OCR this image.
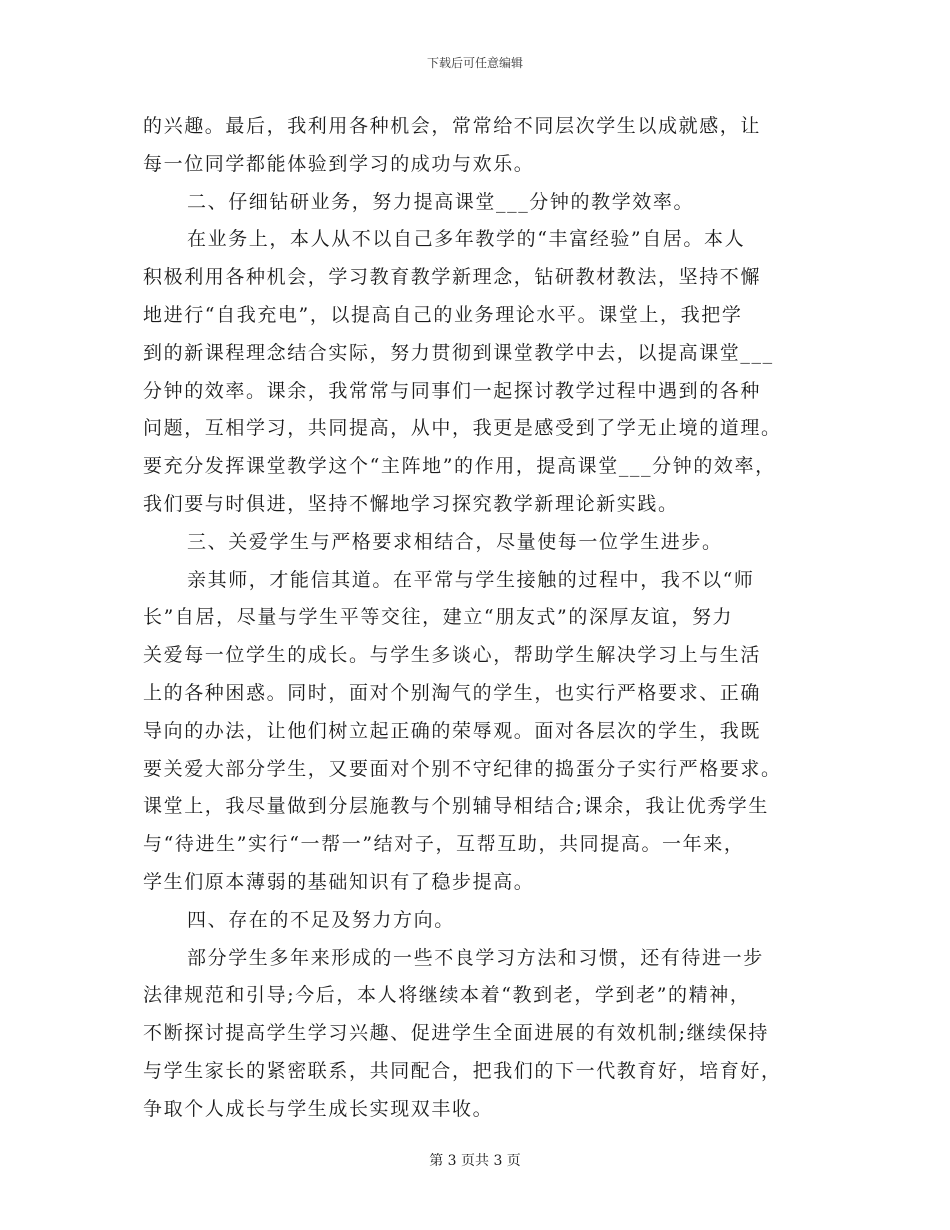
下载后可任意编辑
的兴趣。最后，我利用各种机会，常常给不同层次学生以成就感，让
每一位同学都能体验到学习的成功与欢乐。
二、仔细钻研业务，努力提高课堂___分钟的教学效率。
在业务上，本人从不以自己多年教学的“丰富经验”自居。本人
积极利用各种机会，学习教育教学新理念，钻研教材教法，坚持不懈
地进行“自我充电”，以提高自己的业务理论水平。课堂上，我把学
到的新课程理念结合实际，努力贯彻到课堂教学中去，以提高课堂___
分钟的效率。课余，我常常与同事们一起探讨教学过程中遇到的各种
问题，互相学习，共同提高，从中，我更是感受到了学无止境的道理。
要充分发挥课堂教学这个“主阵地”的作用，提高课堂___分钟的效率，
我们要与时俱进，坚持不懈地学习探究教学新理论新实践。
三、关爱学生与严格要求相结合，尽量使每一位学生进步。
亲其师，才能信其道。在平常与学生接触的过程中，我不以“师
长”自居，尽量与学生平等交往，建立“朋友式”的深厚友谊，努力
关爱每一位学生的成长。与学生多谈心，帮助学生解决学习上与生活
上的各种困惑。同时，面对个别淘气的学生，也实行严格要求、正确
导向的办法，让他们树立起正确的荣辱观。面对各层次的学生，我既
要关爱大部分学生，又要面对个别不守纪律的捣蛋分子实行严格要求。
课堂上，我尽量做到分层施教与个别辅导相结合;课余，我让优秀学生
与“待进生”实行“一帮一”结对子，互帮互助，共同提高。一年来，
学生们原本薄弱的基础知识有了稳步提高。
四、存在的不足及努力方向。
部分学生多年来形成的一些不良学习方法和习惯，还有待进一步
法律规范和引导;今后，本人将继续本着“教到老，学到老”的精神，
不断探讨提高学生学习兴趣、促进学生全面进展的有效机制;继续保持
与学生家长的紧密联系，共同配合，把我们的下一代教育好，培育好，
争取个人成长与学生成长实现双丰收。
第 3 页共 3 页
